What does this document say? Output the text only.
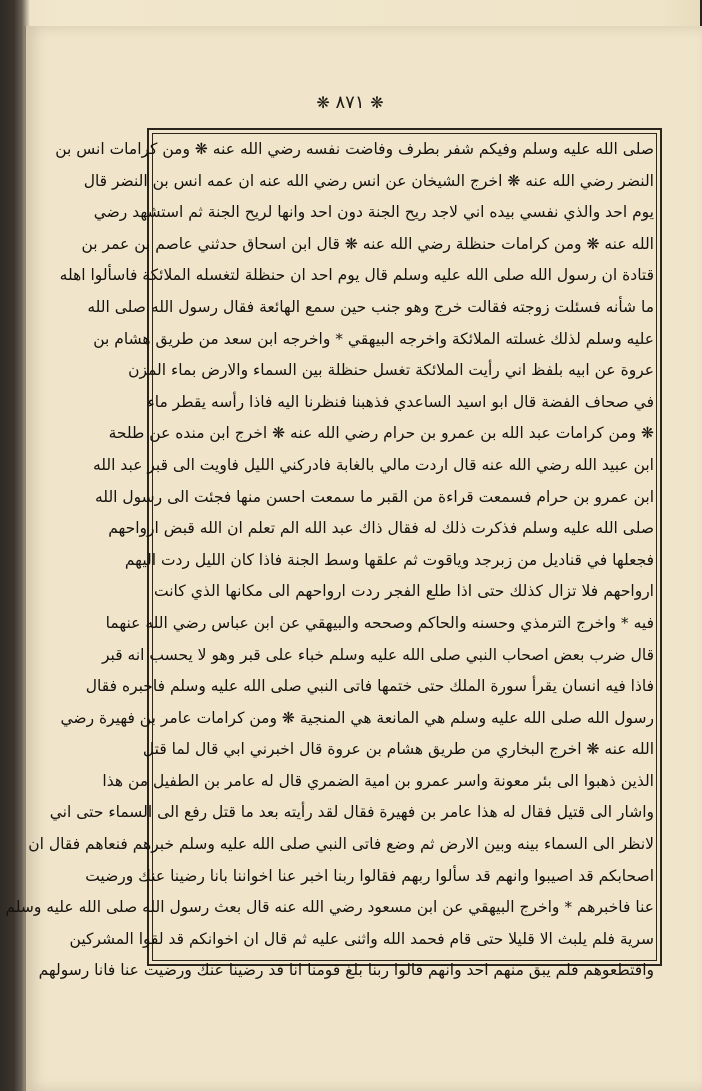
❋ ٨٧١ ❋
صلى الله عليه وسلم وفيكم شفر بطرف وفاضت نفسه رضي الله عنه ❋ ومن كرامات انس بن
النضر رضي الله عنه ❋ اخرج الشيخان عن انس رضي الله عنه ان عمه انس بن النضر قال
يوم احد والذي نفسي بيده اني لاجد ريح الجنة دون احد وانها لريح الجنة ثم استشهد رضي
الله عنه ❋ ومن كرامات حنظلة رضي الله عنه ❋ قال ابن اسحاق حدثني عاصم بن عمر بن
قتادة ان رسول الله صلى الله عليه وسلم قال يوم احد ان حنظلة لتغسله الملائكة فاسألوا اهله
ما شأنه فسئلت زوجته فقالت خرج وهو جنب حين سمع الهائعة فقال رسول الله صلى الله
عليه وسلم لذلك غسلته الملائكة واخرجه البيهقي * واخرجه ابن سعد من طريق هشام بن
عروة عن ابيه بلفظ اني رأيت الملائكة تغسل حنظلة بين السماء والارض بماء المزن
في صحاف الفضة قال ابو اسيد الساعدي فذهبنا فنظرنا اليه فاذا رأسه يقطر ماء
❋ ومن كرامات عبد الله بن عمرو بن حرام رضي الله عنه ❋ اخرج ابن منده عن طلحة
ابن عبيد الله رضي الله عنه قال اردت مالي بالغابة فادركني الليل فاويت الى قبر عبد الله
ابن عمرو بن حرام فسمعت قراءة من القبر ما سمعت احسن منها فجئت الى رسول الله
صلى الله عليه وسلم فذكرت ذلك له فقال ذاك عبد الله الم تعلم ان الله قبض ارواحهم
فجعلها في قناديل من زبرجد وياقوت ثم علقها وسط الجنة فاذا كان الليل ردت اليهم
ارواحهم فلا تزال كذلك حتى اذا طلع الفجر ردت ارواحهم الى مكانها الذي كانت
فيه * واخرج الترمذي وحسنه والحاكم وصححه والبيهقي عن ابن عباس رضي الله عنهما
قال ضرب بعض اصحاب النبي صلى الله عليه وسلم خباء على قبر وهو لا يحسب انه قبر
فاذا فيه انسان يقرأ سورة الملك حتى ختمها فاتى النبي صلى الله عليه وسلم فاخبره فقال
رسول الله صلى الله عليه وسلم هي المانعة هي المنجية ❋ ومن كرامات عامر بن فهيرة رضي
الله عنه ❋ اخرج البخاري من طريق هشام بن عروة قال اخبرني ابي قال لما قتل
الذين ذهبوا الى بئر معونة واسر عمرو بن امية الضمري قال له عامر بن الطفيل من هذا
واشار الى قتيل فقال له هذا عامر بن فهيرة فقال لقد رأيته بعد ما قتل رفع الى السماء حتى اني
لانظر الى السماء بينه وبين الارض ثم وضع فاتى النبي صلى الله عليه وسلم خبرهم فنعاهم فقال ان
اصحابكم قد اصيبوا وانهم قد سألوا ربهم فقالوا ربنا اخبر عنا اخواننا بانا رضينا عنك ورضيت
عنا فاخبرهم * واخرج البيهقي عن ابن مسعود رضي الله عنه قال بعث رسول الله صلى الله عليه وسلم
سرية فلم يلبث الا قليلا حتى قام فحمد الله واثنى عليه ثم قال ان اخوانكم قد لقوا المشركين
واقتطعوهم فلم يبق منهم احد وانهم قالوا ربنا بلغ قومنا انا قد رضينا عنك ورضيت عنا فانا رسولهم
